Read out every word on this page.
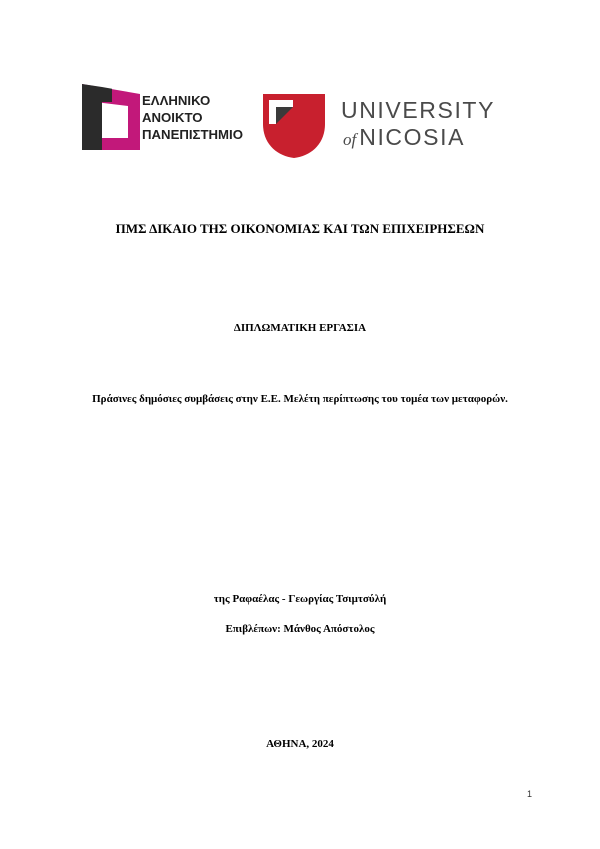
ΕΛΛΗΝΙΚΟ
ΑΝΟΙΚΤΟ
ΠΑΝΕΠΙΣΤΗΜΙΟ
UNIVERSITY
of NICOSIA
ΠΜΣ ΔΙΚΑΙΟ ΤΗΣ ΟΙΚΟΝΟΜΙΑΣ ΚΑΙ ΤΩΝ ΕΠΙΧΕΙΡΗΣΕΩΝ
ΔΙΠΛΩΜΑΤΙΚΗ ΕΡΓΑΣΙΑ
Πράσινες δημόσιες συμβάσεις στην Ε.Ε. Μελέτη περίπτωσης του τομέα των μεταφορών.
της Ραφαέλας - Γεωργίας Τσιμτσύλή
Επιβλέπων: Μάνθος Απόστολος
ΑΘΗΝΑ, 2024
1
